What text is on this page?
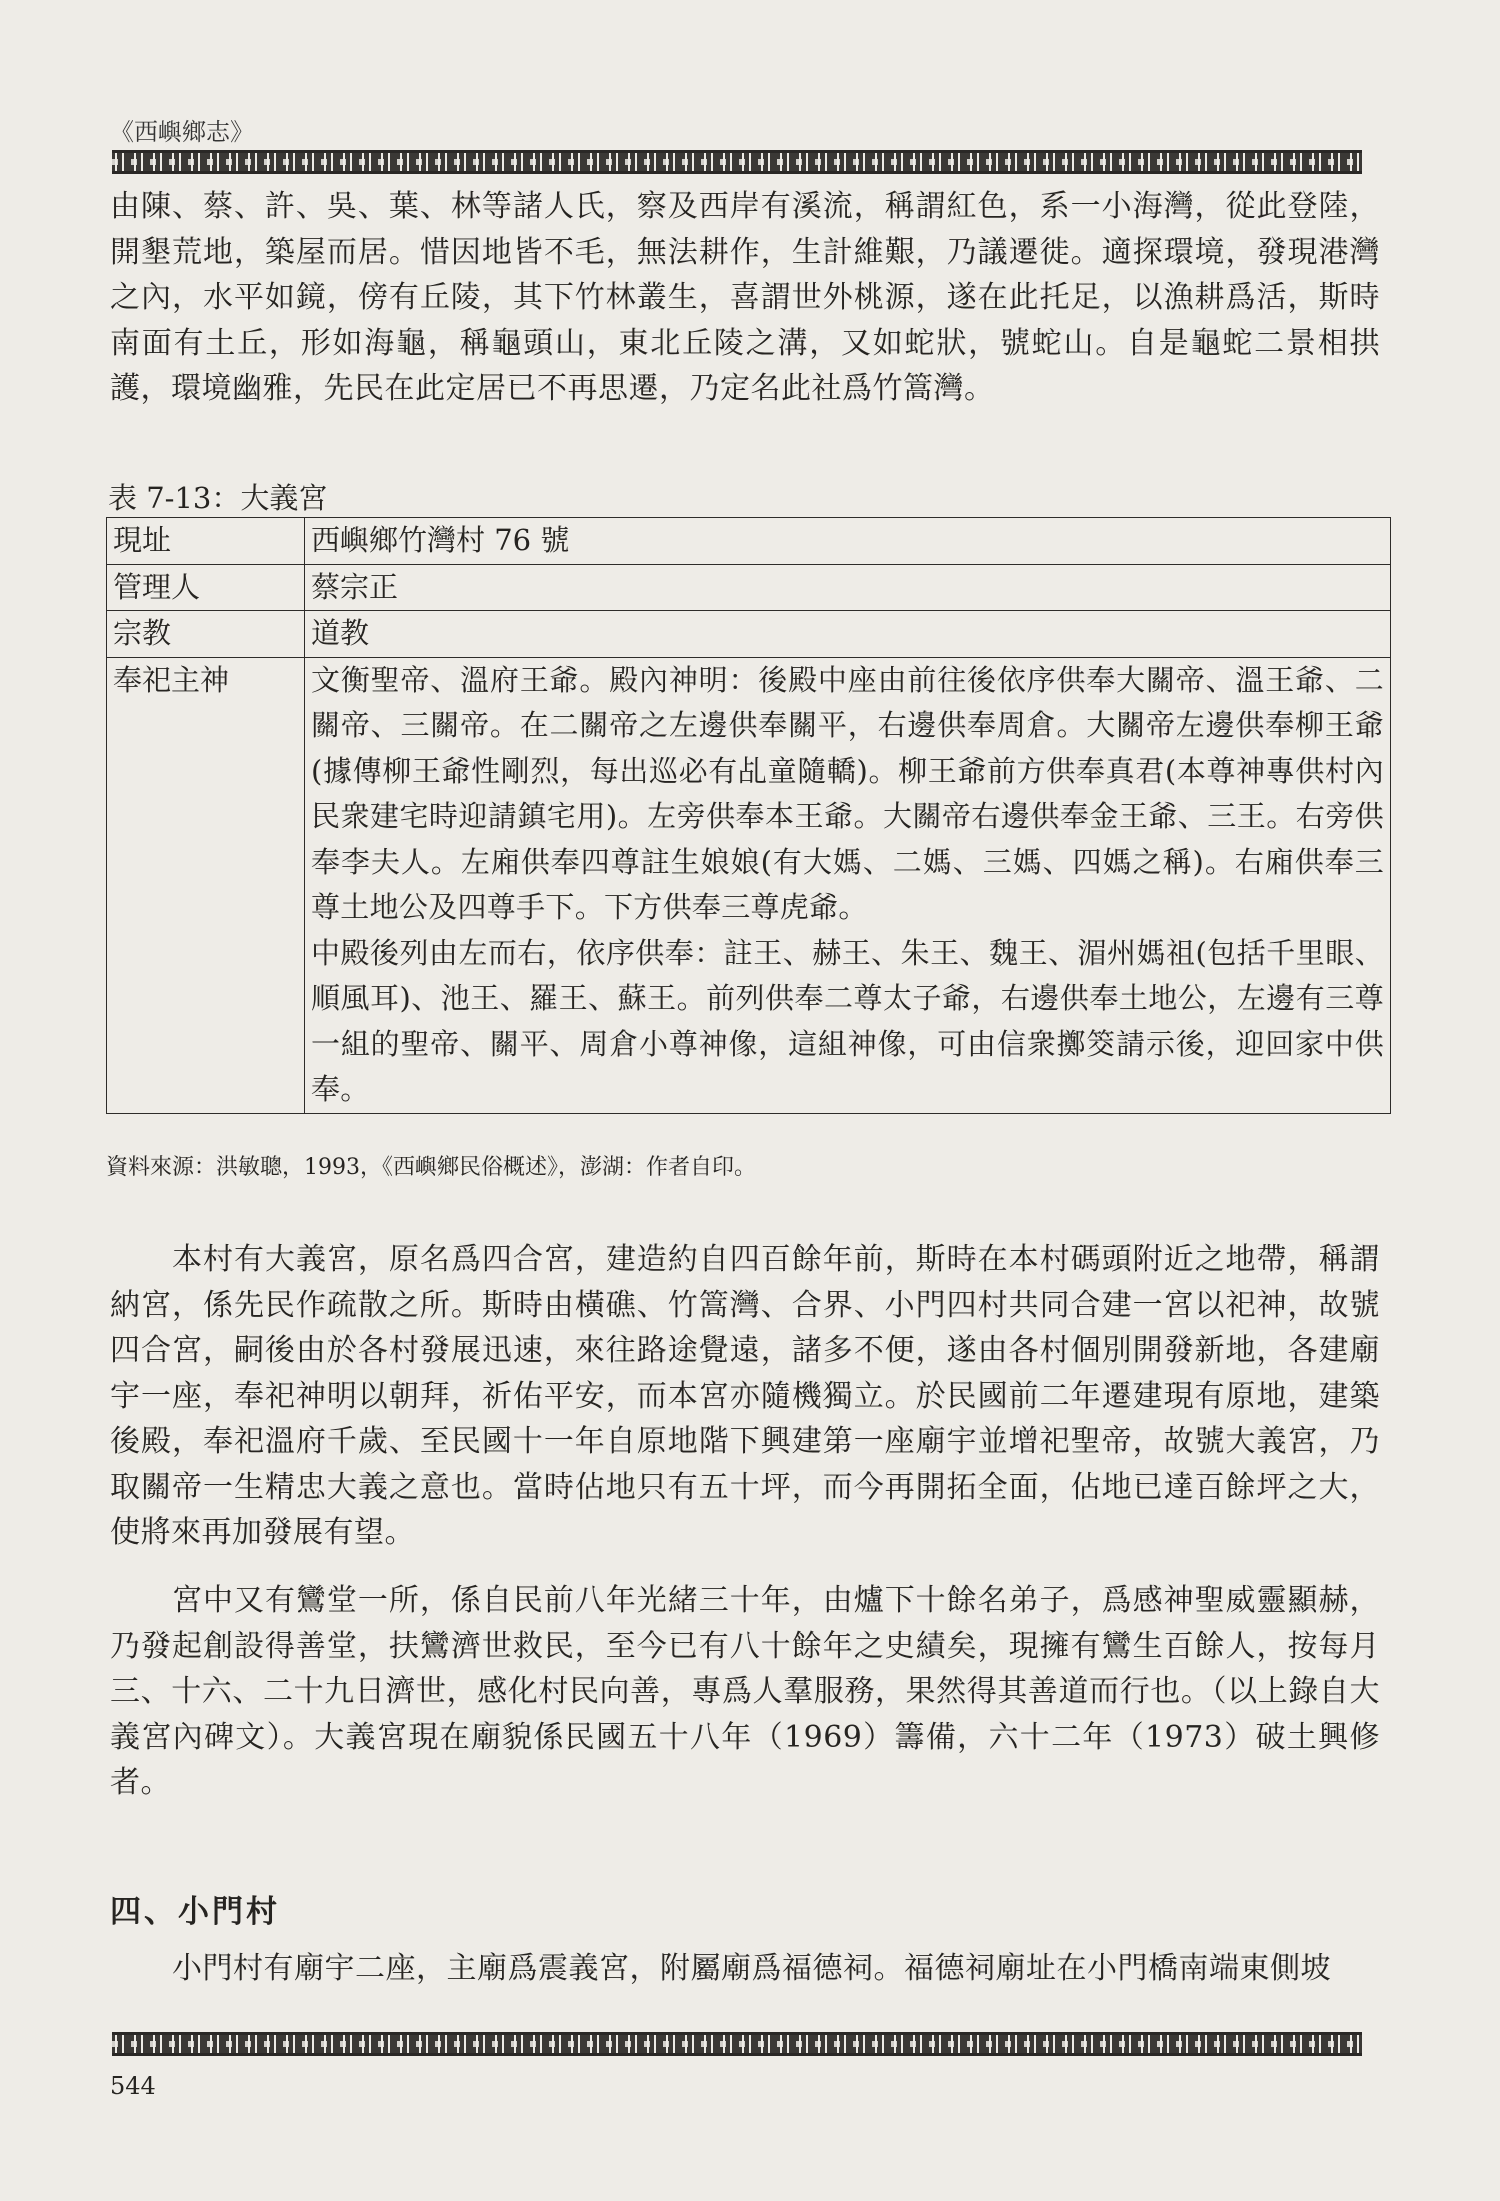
《西嶼鄉志》

由陳、蔡、許、吳、葉、林等諸人氏，察及西岸有溪流，稱謂紅色，系一小海灣，從此登陸，開墾荒地，築屋而居。惜因地皆不毛，無法耕作，生計維艱，乃議遷徙。適探環境，發現港灣之內，水平如鏡，傍有丘陵，其下竹林叢生，喜謂世外桃源，遂在此托足，以漁耕爲活，斯時南面有土丘，形如海龜，稱龜頭山，東北丘陵之溝，又如蛇狀，號蛇山。自是龜蛇二景相拱護，環境幽雅，先民在此定居已不再思遷，乃定名此社爲竹篙灣。

表 7-13：大義宮
現址	西嶼鄉竹灣村 76 號
管理人	蔡宗正
宗教	道教
奉祀主神	文衡聖帝、溫府王爺。殿內神明：後殿中座由前往後依序供奉大關帝、溫王爺、二關帝、三關帝。在二關帝之左邊供奉關平，右邊供奉周倉。大關帝左邊供奉柳王爺(據傳柳王爺性剛烈，每出巡必有乩童隨轎)。柳王爺前方供奉真君(本尊神專供村內民衆建宅時迎請鎮宅用)。左旁供奉本王爺。大關帝右邊供奉金王爺、三王。右旁供奉李夫人。左廂供奉四尊註生娘娘(有大媽、二媽、三媽、四媽之稱)。右廂供奉三尊土地公及四尊手下。下方供奉三尊虎爺。
中殿後列由左而右，依序供奉：註王、赫王、朱王、魏王、湄州媽祖(包括千里眼、順風耳)、池王、羅王、蘇王。前列供奉二尊太子爺，右邊供奉土地公，左邊有三尊一組的聖帝、關平、周倉小尊神像，這組神像，可由信衆擲筊請示後，迎回家中供奉。
資料來源：洪敏聰，1993，《西嶼鄉民俗概述》，澎湖：作者自印。

本村有大義宮，原名爲四合宮，建造約自四百餘年前，斯時在本村碼頭附近之地帶，稱謂納宮，係先民作疏散之所。斯時由橫礁、竹篙灣、合界、小門四村共同合建一宮以祀神，故號四合宮，嗣後由於各村發展迅速，來往路途覺遠，諸多不便，遂由各村個別開發新地，各建廟宇一座，奉祀神明以朝拜，祈佑平安，而本宮亦隨機獨立。於民國前二年遷建現有原地，建築後殿，奉祀溫府千歲、至民國十一年自原地階下興建第一座廟宇並增祀聖帝，故號大義宮，乃取關帝一生精忠大義之意也。當時佔地只有五十坪，而今再開拓全面，佔地已達百餘坪之大，使將來再加發展有望。

宮中又有鸞堂一所，係自民前八年光緒三十年，由爐下十餘名弟子，爲感神聖威靈顯赫，乃發起創設得善堂，扶鸞濟世救民，至今已有八十餘年之史績矣，現擁有鸞生百餘人，按每月三、十六、二十九日濟世，感化村民向善，專爲人羣服務，果然得其善道而行也。（以上錄自大義宮內碑文）。大義宮現在廟貌係民國五十八年（1969）籌備，六十二年（1973）破土興修者。

四、小門村

小門村有廟宇二座，主廟爲震義宮，附屬廟爲福德祠。福德祠廟址在小門橋南端東側坡

544
